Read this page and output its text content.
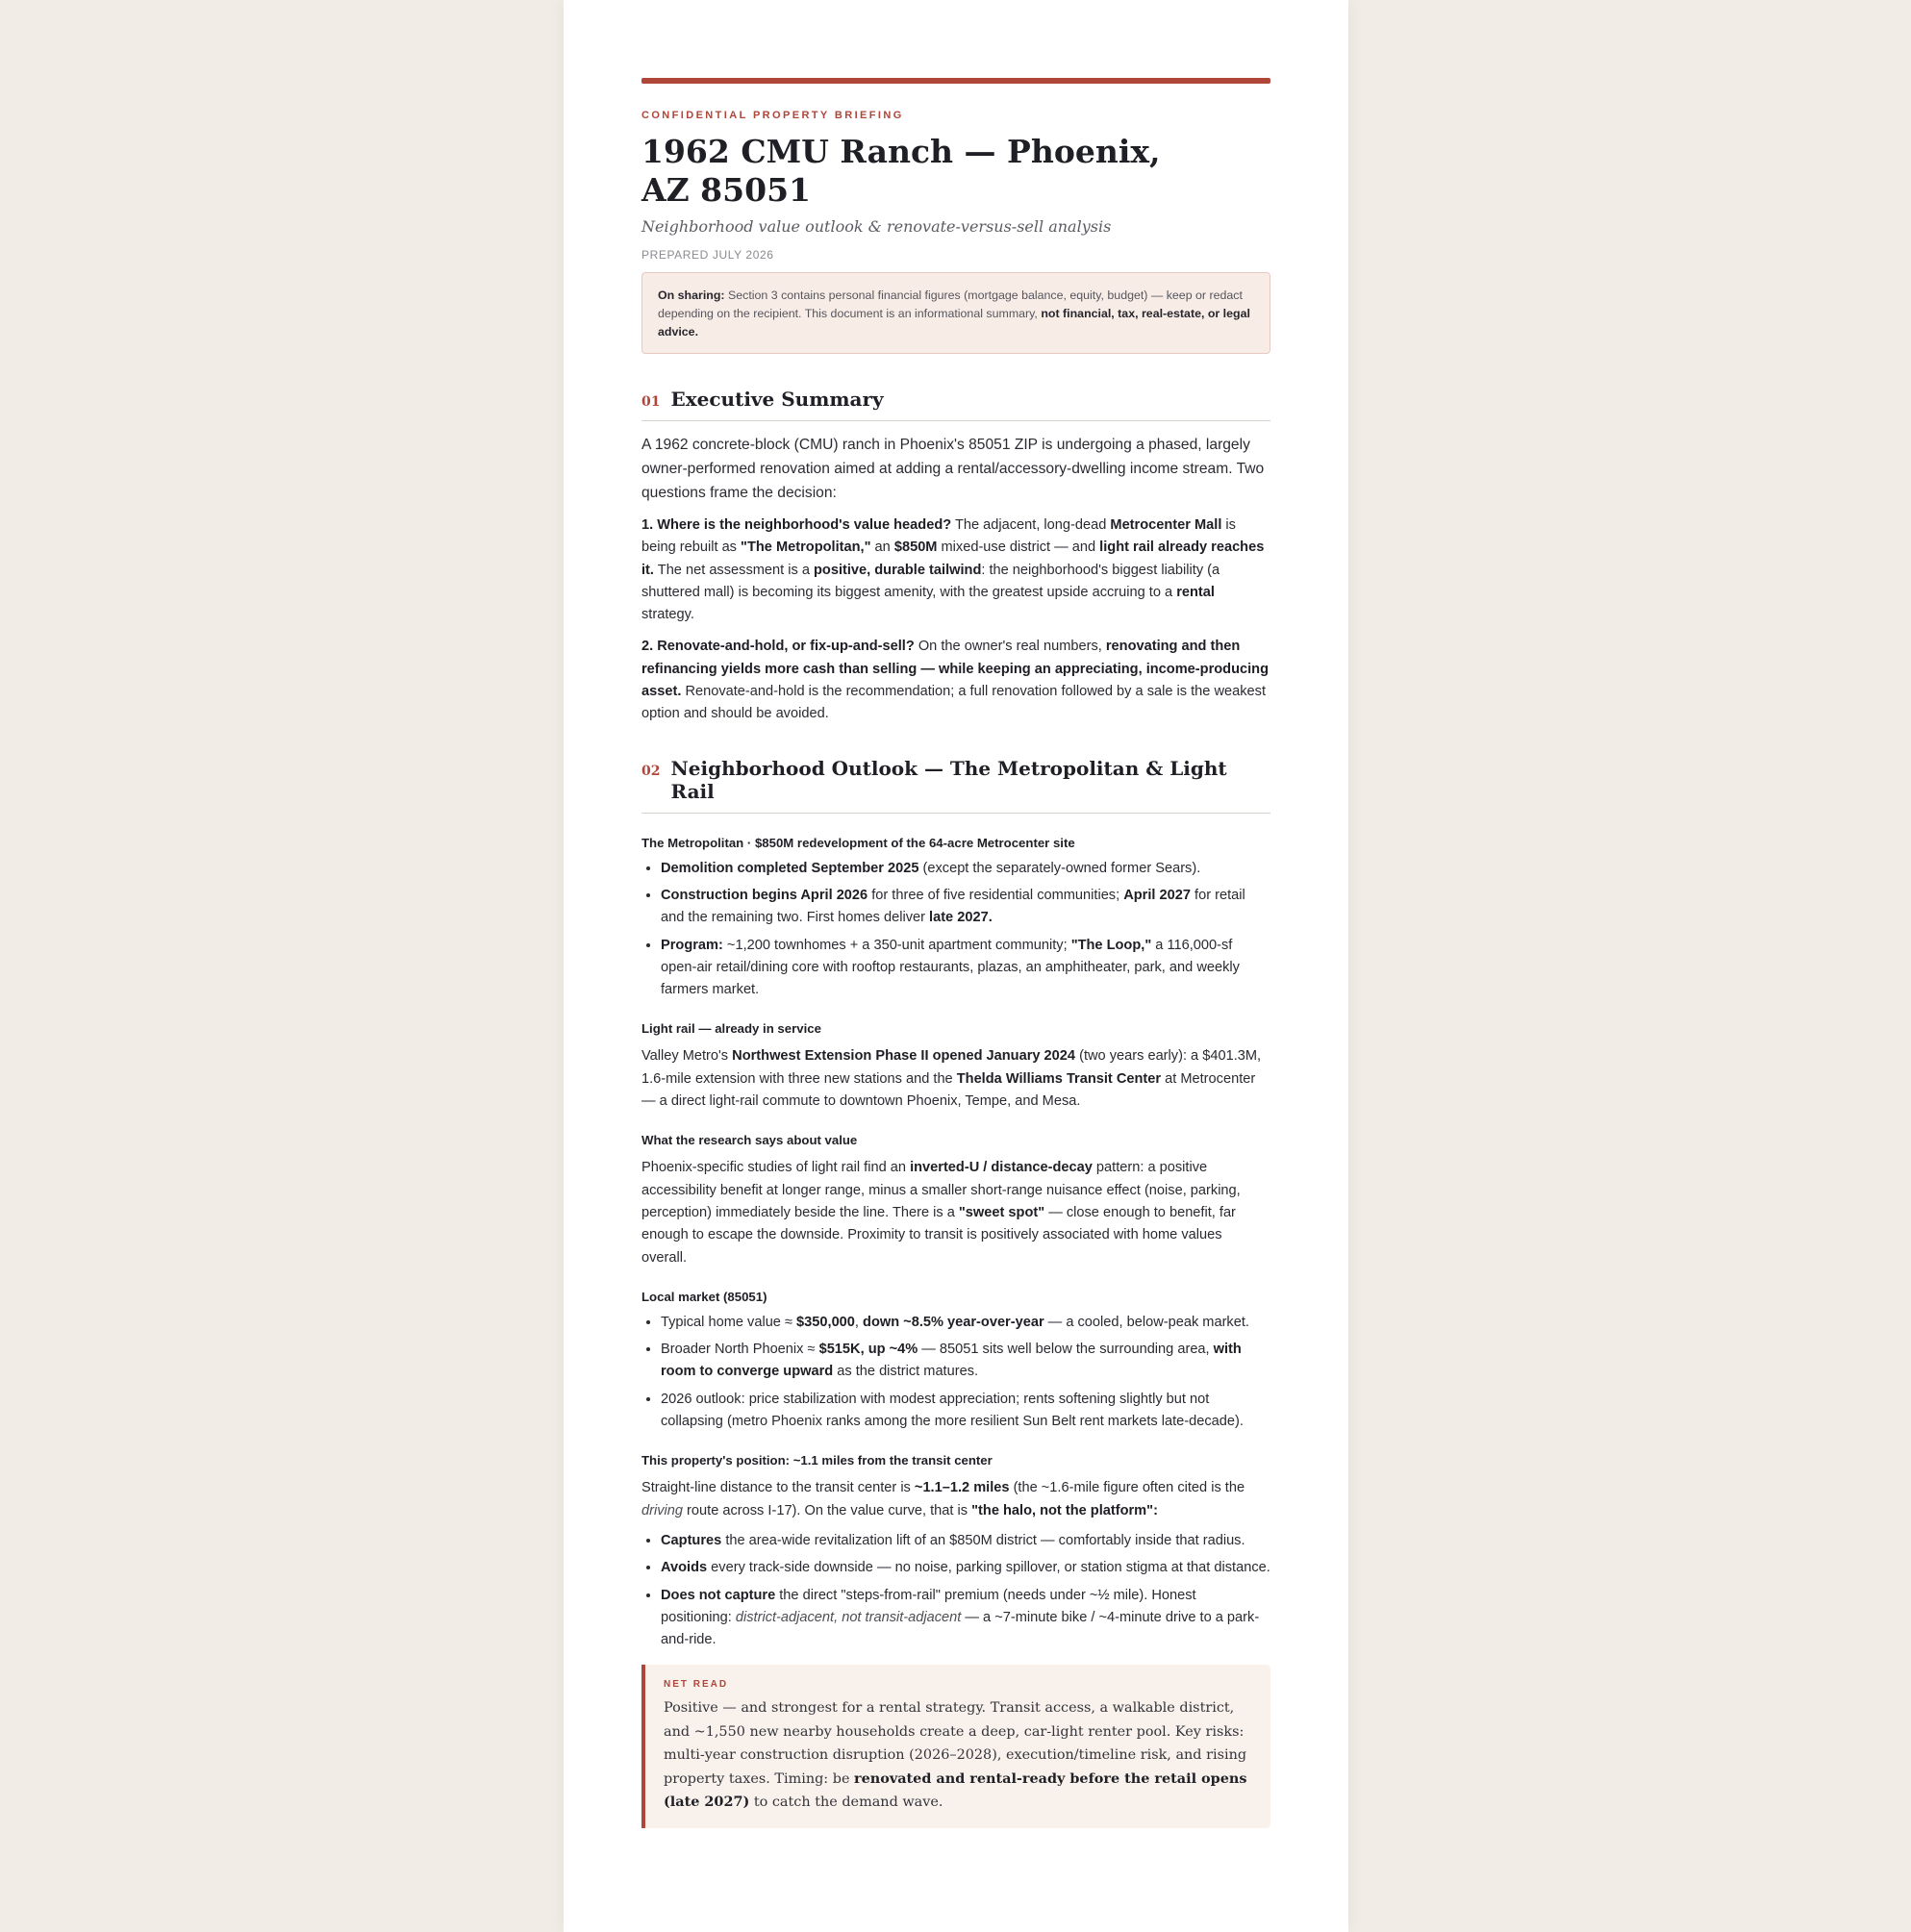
CONFIDENTIAL PROPERTY BRIEFING
1962 CMU Ranch — Phoenix,
AZ 85051
Neighborhood value outlook & renovate-versus-sell analysis
PREPARED JULY 2026
On sharing: Section 3 contains personal financial figures (mortgage balance, equity, budget) — keep or redact depending on the recipient. This document is an informational summary, not financial, tax, real-estate, or legal advice.
01 Executive Summary

A 1962 concrete-block (CMU) ranch in Phoenix's 85051 ZIP is undergoing a phased, largely owner-performed renovation aimed at adding a rental/accessory-dwelling income stream. Two questions frame the decision:

1. Where is the neighborhood's value headed? The adjacent, long-dead Metrocenter Mall is being rebuilt as "The Metropolitan," an $850M mixed-use district — and light rail already reaches it. The net assessment is a positive, durable tailwind: the neighborhood's biggest liability (a shuttered mall) is becoming its biggest amenity, with the greatest upside accruing to a rental strategy.

2. Renovate-and-hold, or fix-up-and-sell? On the owner's real numbers, renovating and then refinancing yields more cash than selling — while keeping an appreciating, income-producing asset. Renovate-and-hold is the recommendation; a full renovation followed by a sale is the weakest option and should be avoided.

02 Neighborhood Outlook — The Metropolitan & Light Rail
The Metropolitan · $850M redevelopment of the 64-acre Metrocenter site
• Demolition completed September 2025 (except the separately-owned former Sears).
• Construction begins April 2026 for three of five residential communities; April 2027 for retail and the remaining two. First homes deliver late 2027.
• Program: ~1,200 townhomes + a 350-unit apartment community; "The Loop," a 116,000-sf open-air retail/dining core with rooftop restaurants, plazas, an amphitheater, park, and weekly farmers market.
Light rail — already in service

Valley Metro's Northwest Extension Phase II opened January 2024 (two years early): a $401.3M, 1.6-mile extension with three new stations and the Thelda Williams Transit Center at Metrocenter — a direct light-rail commute to downtown Phoenix, Tempe, and Mesa.

What the research says about value

Phoenix-specific studies of light rail find an inverted-U / distance-decay pattern: a positive accessibility benefit at longer range, minus a smaller short-range nuisance effect (noise, parking, perception) immediately beside the line. There is a "sweet spot" — close enough to benefit, far enough to escape the downside. Proximity to transit is positively associated with home values overall.

Local market (85051)
• Typical home value ≈ $350,000, down ~8.5% year-over-year — a cooled, below-peak market.
• Broader North Phoenix ≈ $515K, up ~4% — 85051 sits well below the surrounding area, with room to converge upward as the district matures.
• 2026 outlook: price stabilization with modest appreciation; rents softening slightly but not collapsing (metro Phoenix ranks among the more resilient Sun Belt rent markets late-decade).
This property's position: ~1.1 miles from the transit center

Straight-line distance to the transit center is ~1.1–1.2 miles (the ~1.6-mile figure often cited is the driving route across I-17). On the value curve, that is "the halo, not the platform":

• Captures the area-wide revitalization lift of an $850M district — comfortably inside that radius.
• Avoids every track-side downside — no noise, parking spillover, or station stigma at that distance.
• Does not capture the direct "steps-from-rail" premium (needs under ~½ mile). Honest positioning: district-adjacent, not transit-adjacent — a ~7-minute bike / ~4-minute drive to a park-and-ride.
NET READ
Positive — and strongest for a rental strategy. Transit access, a walkable district, and ~1,550 new nearby households create a deep, car-light renter pool. Key risks: multi-year construction disruption (2026–2028), execution/timeline risk, and rising property taxes. Timing: be renovated and rental-ready before the retail opens (late 2027) to catch the demand wave.
